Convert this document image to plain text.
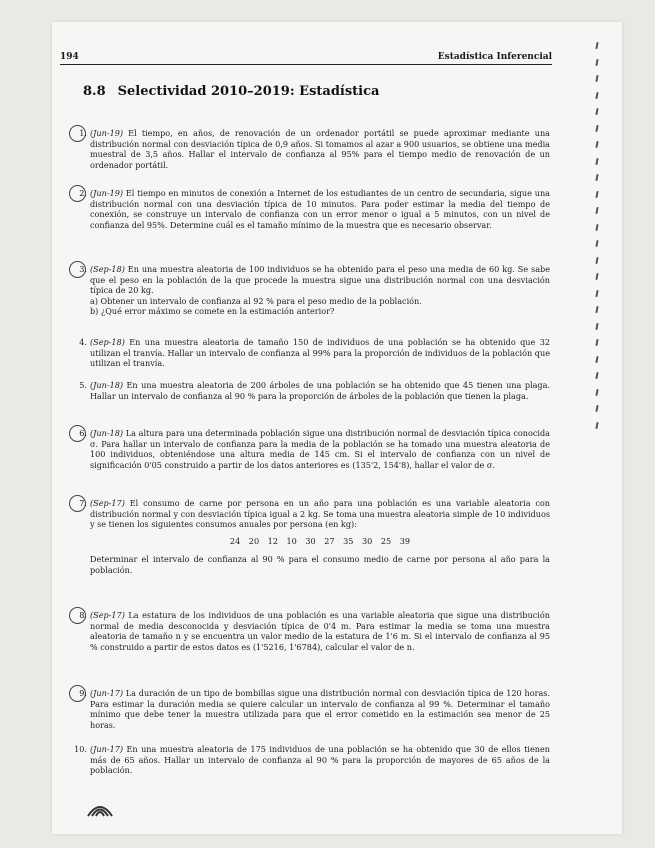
194	Estadística Inferencial
8.8 Selectividad 2010–2019: Estadística
1. (Jun-19) El tiempo, en años, de renovación de un ordenador portátil se puede aproximar mediante una distribución normal con desviación típica de 0,9 años. Si tomamos al azar a 900 usuarios, se obtiene una media muestral de 3,5 años. Hallar el intervalo de confianza al 95% para el tiempo medio de renovación de un ordenador portátil.
2. (Jun-19) El tiempo en minutos de conexión a Internet de los estudiantes de un centro de secundaria, sigue una distribución normal con una desviación típica de 10 minutos. Para poder estimar la media del tiempo de conexión, se construye un intervalo de confianza con un error menor o igual a 5 minutos, con un nivel de confianza del 95%. Determine cuál es el tamaño mínimo de la muestra que es necesario observar.
3. (Sep-18) En una muestra aleatoria de 100 individuos se ha obtenido para el peso una media de 60 kg. Se sabe que el peso en la población de la que procede la muestra sigue una distribución normal con una desviación típica de 20 kg.
a) Obtener un intervalo de confianza al 92 % para el peso medio de la población.
b) ¿Qué error máximo se comete en la estimación anterior?
4. (Sep-18) En una muestra aleatoria de tamaño 150 de individuos de una población se ha obtenido que 32 utilizan el tranvía. Hallar un intervalo de confianza al 99% para la proporción de individuos de la población que utilizan el tranvía.
5. (Jun-18) En una muestra aleatoria de 200 árboles de una población se ha obtenido que 45 tienen una plaga. Hallar un intervalo de confianza al 90 % para la proporción de árboles de la población que tienen la plaga.
6. (Jun-18) La altura para una determinada población sigue una distribución normal de desviación típica conocida σ. Para hallar un intervalo de confianza para la media de la población se ha tomado una muestra aleatoria de 100 individuos, obteniéndose una altura media de 145 cm. Si el intervalo de confianza con un nivel de significación 0'05 construido a partir de los datos anteriores es (135'2, 154'8), hallar el valor de σ.
7. (Sep-17) El consumo de carne por persona en un año para una población es una variable aleatoria con distribución normal y con desviación típica igual a 2 kg. Se toma una muestra aleatoria simple de 10 individuos y se tienen los siguientes consumos anuales por persona (en kg):
24 20 12 10 30 27 35 30 25 39
Determinar el intervalo de confianza al 90 % para el consumo medio de carne por persona al año para la población.
8. (Sep-17) La estatura de los individuos de una población es una variable aleatoria que sigue una distribución normal de media desconocida y desviación típica de 0'4 m. Para estimar la media se toma una muestra aleatoria de tamaño n y se encuentra un valor medio de la estatura de 1'6 m. Si el intervalo de confianza al 95 % construido a partir de estos datos es (1'5216, 1'6784), calcular el valor de n.
9. (Jun-17) La duración de un tipo de bombillas sigue una distribución normal con desviación típica de 120 horas. Para estimar la duración media se quiere calcular un intervalo de confianza al 99 %. Determinar el tamaño mínimo que debe tener la muestra utilizada para que el error cometido en la estimación sea menor de 25 horas.
10. (Jun-17) En una muestra aleatoria de 175 individuos de una población se ha obtenido que 30 de ellos tienen más de 65 años. Hallar un intervalo de confianza al 90 % para la proporción de mayores de 65 años de la población.
